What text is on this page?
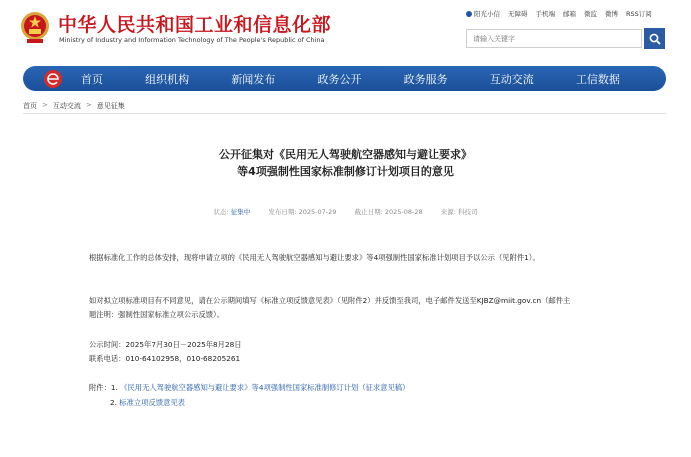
中华人民共和国工业和信息化部
Ministry of Industry and Information Technology of The People's Republic of China
阳光小信 无障碍 手机端 邮箱 微监 微博 RSS订阅
请输入关键字
首页	组织机构	新闻发布	政务公开	政务服务	互动交流	工信数据
首页 > 互动交流 > 意见征集
公开征集对《民用无人驾驶航空器感知与避让要求》
等4项强制性国家标准制修订计划项目的意见
状态: 征集中	发布日期: 2025-07-29	截止日期: 2025-08-28	来源: 科技司
根据标准化工作的总体安排，现将申请立项的《民用无人驾驶航空器感知与避让要求》等4项强制性国家标准计划项目予以公示（见附件1）。
如对拟立项标准项目有不同意见，请在公示期间填写《标准立项反馈意见表》（见附件2）并反馈至我司，电子邮件发送至KJBZ@miit.gov.cn（邮件主
题注明：强制性国家标准立项公示反馈）。
公示时间：2025年7月30日－2025年8月28日
联系电话：010-64102958，010-68205261
附件：1. 《民用无人驾驶航空器感知与避让要求》等4项强制性国家标准制修订计划（征求意见稿）
2. 标准立项反馈意见表
